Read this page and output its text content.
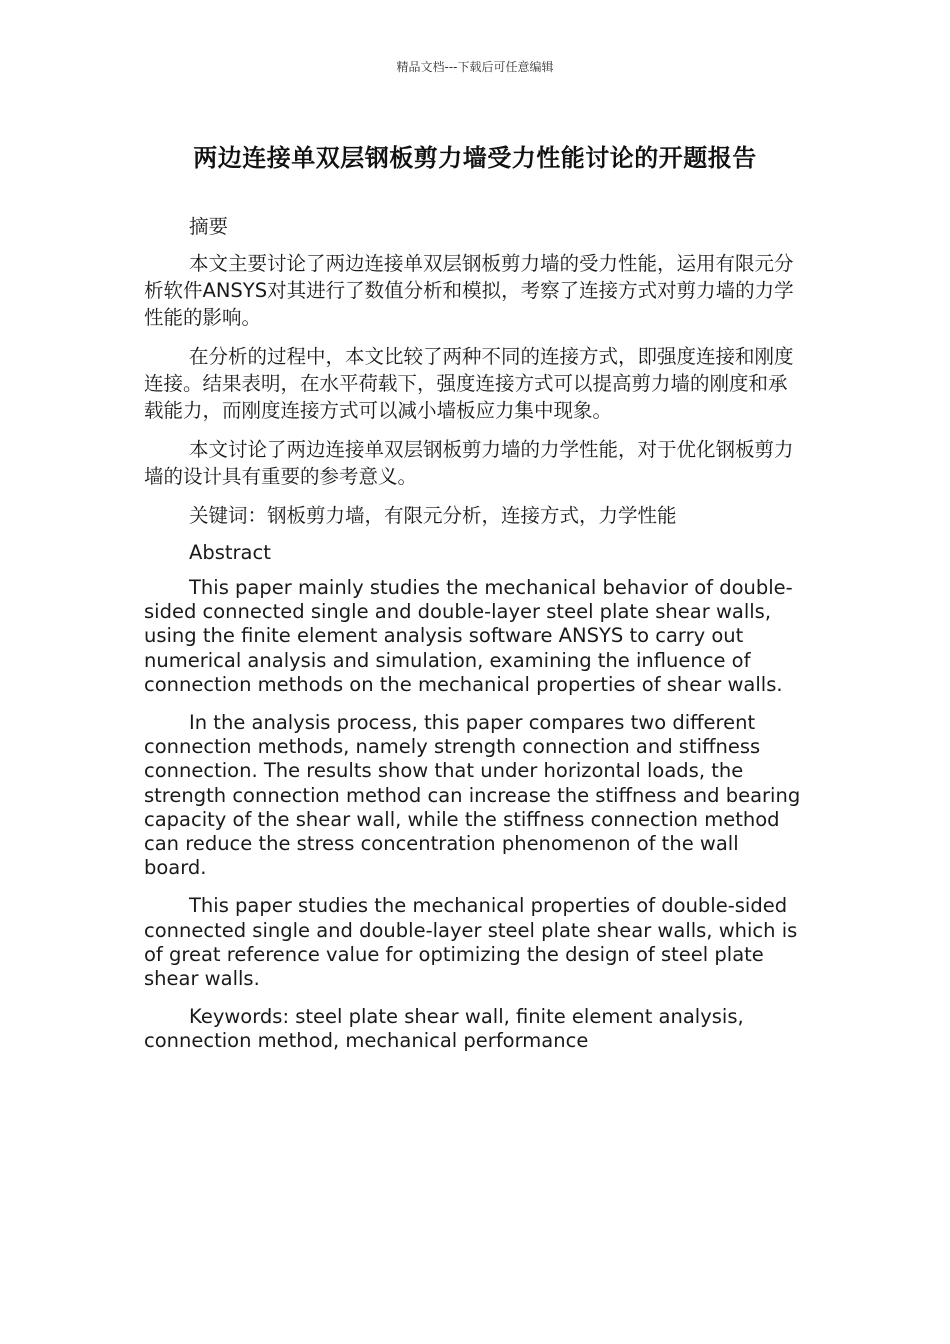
精品文档---下载后可任意编辑
两边连接单双层钢板剪力墙受力性能讨论的开题报告

摘要

本文主要讨论了两边连接单双层钢板剪力墙的受力性能，运用有限元分析软件ANSYS对其进行了数值分析和模拟，考察了连接方式对剪力墙的力学性能的影响。

在分析的过程中，本文比较了两种不同的连接方式，即强度连接和刚度连接。结果表明，在水平荷载下，强度连接方式可以提高剪力墙的刚度和承载能力，而刚度连接方式可以减小墙板应力集中现象。

本文讨论了两边连接单双层钢板剪力墙的力学性能，对于优化钢板剪力墙的设计具有重要的参考意义。

关键词：钢板剪力墙，有限元分析，连接方式，力学性能

Abstract

This paper mainly studies the mechanical behavior of double-sided connected single and double-layer steel plate shear walls, using the finite element analysis software ANSYS to carry out numerical analysis and simulation, examining the influence of connection methods on the mechanical properties of shear walls.

In the analysis process, this paper compares two different connection methods, namely strength connection and stiffness connection. The results show that under horizontal loads, the strength connection method can increase the stiffness and bearing capacity of the shear wall, while the stiffness connection method can reduce the stress concentration phenomenon of the wall board.

This paper studies the mechanical properties of double-sided connected single and double-layer steel plate shear walls, which is of great reference value for optimizing the design of steel plate shear walls.

Keywords: steel plate shear wall, finite element analysis, connection method, mechanical performance
